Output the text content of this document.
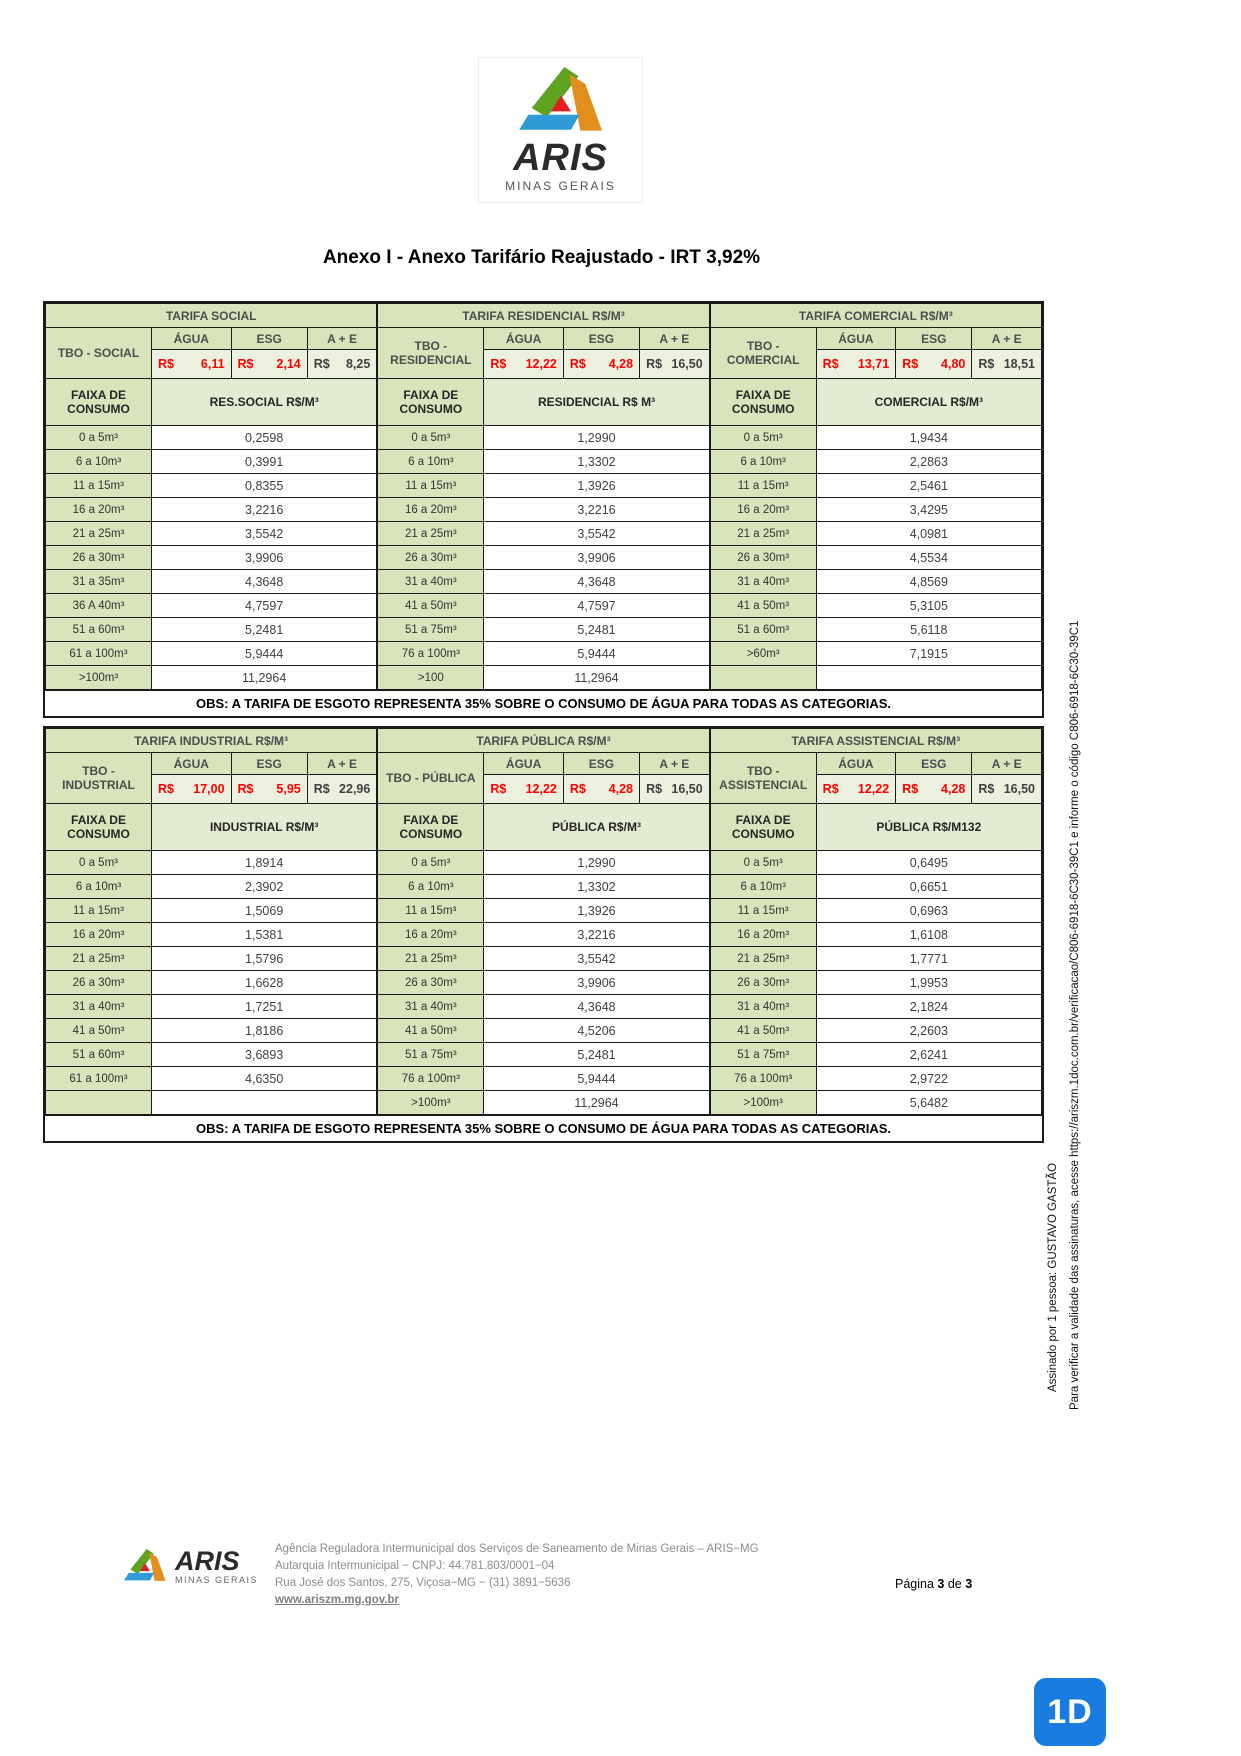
ARIS
MINAS GERAIS
Anexo I - Anexo Tarifário Reajustado - IRT 3,92%
TARIFA SOCIAL			
TBO - SOCIAL	ÁGUA	ESG	A + E

	R$ 6,11	R$ 2,14	R$ 8,25

FAIXA DE CONSUMO	RES.SOCIAL R$/M³		
0 a 5m³	0,2598		
6 a 10m³	0,3991		
11 a 15m³	0,8355		
16 a 20m³	3,2216		
21 a 25m³	3,5542		
26 a 30m³	3,9906		
31 a 35m³	4,3648		
36 A 40m³	4,7597		
51 a 60m³	5,2481		
61 a 100m³	5,9444		
>100m³	11,2964		
TARIFA RESIDENCIAL R$/M³			
TBO - RESIDENCIAL	ÁGUA	ESG	A + E

	R$ 12,22	R$ 4,28	R$ 16,50

FAIXA DE CONSUMO	RESIDENCIAL R$ M³		
0 a 5m³	1,2990		
6 a 10m³	1,3302		
11 a 15m³	1,3926		
16 a 20m³	3,2216		
21 a 25m³	3,5542		
26 a 30m³	3,9906		
31 a 40m³	4,3648		
41 a 50m³	4,7597		
51 a 75m³	5,2481		
76 a 100m³	5,9444		
>100	11,2964		
TARIFA COMERCIAL R$/M³			
TBO - COMERCIAL	ÁGUA	ESG	A + E

	R$ 13,71	R$ 4,80	R$ 18,51

FAIXA DE CONSUMO	COMERCIAL R$/M³		
0 a 5m³	1,9434		
6 a 10m³	2,2863		
11 a 15m³	2,5461		
16 a 20m³	3,4295		
21 a 25m³	4,0981		
26 a 30m³	4,5534		
31 a 40m³	4,8569		
41 a 50m³	5,3105		
51 a 60m³	5,6118		
>60m³	7,1915		

OBS: A TARIFA DE ESGOTO REPRESENTA 35% SOBRE O CONSUMO DE ÁGUA PARA TODAS AS CATEGORIAS.
TARIFA INDUSTRIAL R$/M³			
TBO - INDUSTRIAL	ÁGUA	ESG	A + E

	R$ 17,00	R$ 5,95	R$ 22,96

FAIXA DE CONSUMO	INDUSTRIAL R$/M³		
0 a 5m³	1,8914		
6 a 10m³	2,3902		
11 a 15m³	1,5069		
16 a 20m³	1,5381		
21 a 25m³	1,5796		
26 a 30m³	1,6628		
31 a 40m³	1,7251		
41 a 50m³	1,8186		
51 a 60m³	3,6893		
61 a 100m³	4,6350		

TARIFA PÚBLICA R$/M³			
TBO - PÚBLICA	ÁGUA	ESG	A + E

	R$ 12,22	R$ 4,28	R$ 16,50

FAIXA DE CONSUMO	PÚBLICA R$/M³		
0 a 5m³	1,2990		
6 a 10m³	1,3302		
11 a 15m³	1,3926		
16 a 20m³	3,2216		
21 a 25m³	3,5542		
26 a 30m³	3,9906		
31 a 40m³	4,3648		
41 a 50m³	4,5206		
51 a 75m³	5,2481		
76 a 100m³	5,9444		
>100m³	11,2964		
TARIFA ASSISTENCIAL R$/M³			
TBO - ASSISTENCIAL	ÁGUA	ESG	A + E

	R$ 12,22	R$ 4,28	R$ 16,50

FAIXA DE CONSUMO	PÚBLICA R$/M132		
0 a 5m³	0,6495		
6 a 10m³	0,6651		
11 a 15m³	0,6963		
16 a 20m³	1,6108		
21 a 25m³	1,7771		
26 a 30m³	1,9953		
31 a 40m³	2,1824		
41 a 50m³	2,2603		
51 a 75m³	2,6241		
76 a 100m³	2,9722		
>100m³	5,6482		
OBS: A TARIFA DE ESGOTO REPRESENTA 35% SOBRE O CONSUMO DE ÁGUA PARA TODAS AS CATEGORIAS.
Assinado por 1 pessoa: GUSTAVO GASTÃO Para verificar a validade das assinaturas, acesse https://ariszm.1doc.com.br/verificacao/C806-6918-6C30-39C1 e informe o código C806-6918-6C30-39C1
ARIS
MINAS GERAIS
Agência Reguladora Intermunicipal dos Serviços de Saneamento de Minas Gerais – ARIS−MG
Autarquia Intermunicipal − CNPJ: 44.781.803/0001−04
Rua José dos Santos, 275, Viçosa−MG − (31) 3891−5636
www.ariszm.mg.gov.br
Página 3 de 3
1D
